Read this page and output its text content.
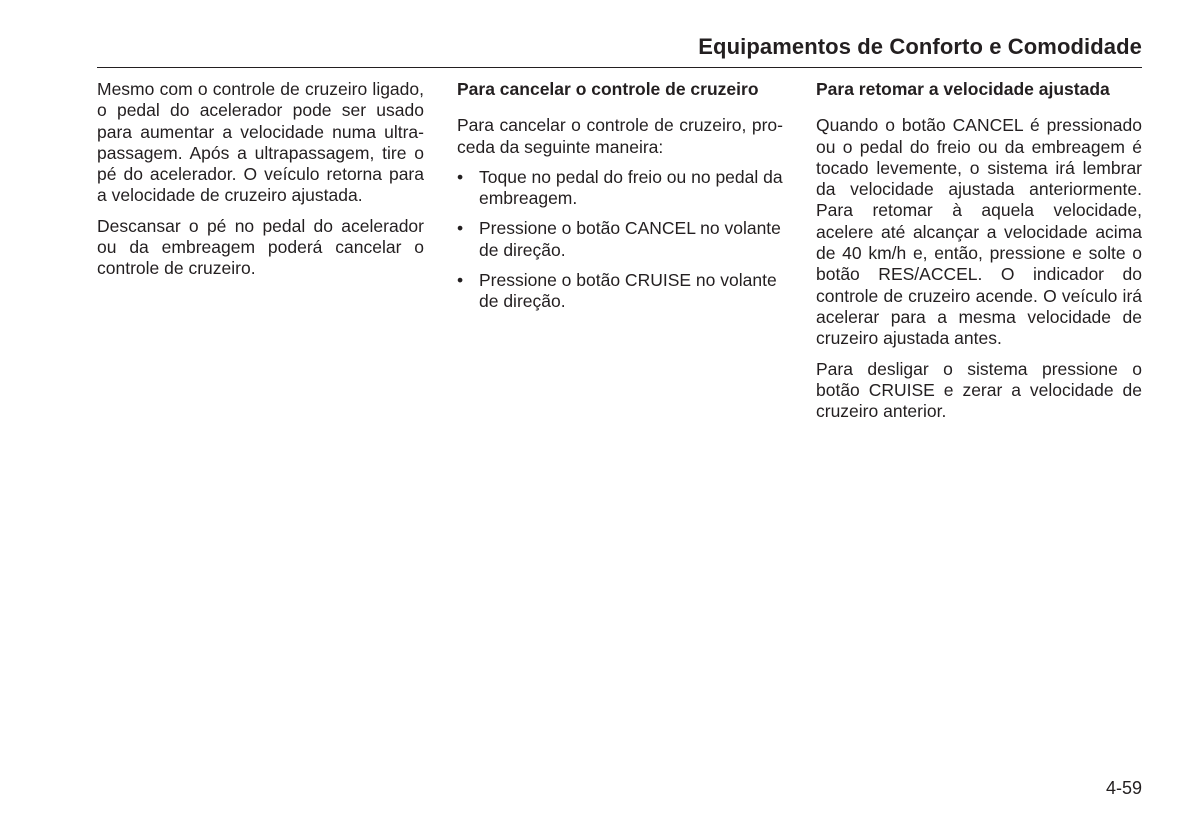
Equipamentos de Conforto e Comodidade

Mesmo com o controle de cruzeiro ligado, o pedal do acelerador pode ser usado para aumentar a velocidade numa ultrapassagem. Após a ultrapassagem, tire o pé do acelerador. O veículo retorna para a velocidade de cruzeiro ajustada.

Descansar o pé no pedal do acelerador ou da embreagem poderá cancelar o controle de cruzeiro.

Para cancelar o controle de cruzeiro

Para cancelar o controle de cruzeiro, proceda da seguinte maneira:

• Toque no pedal do freio ou no pedal da embreagem.
• Pressione o botão CANCEL no volante de direção.
• Pressione o botão CRUISE no volante de direção.
Para retomar a velocidade ajustada

Quando o botão CANCEL é pressionado ou o pedal do freio ou da embreagem é tocado levemente, o sistema irá lembrar da velocidade ajustada anteriormente. Para retomar à aquela velocidade, acelere até alcançar a velocidade acima de 40 km/h e, então, pressione e solte o botão RES/​ACCEL. O indicador do controle de cruzeiro acende. O veículo irá acelerar para a mesma velocidade de cruzeiro ajustada antes.

Para desligar o sistema pressione o botão CRUISE e zerar a velocidade de cruzeiro anterior.

4-59
